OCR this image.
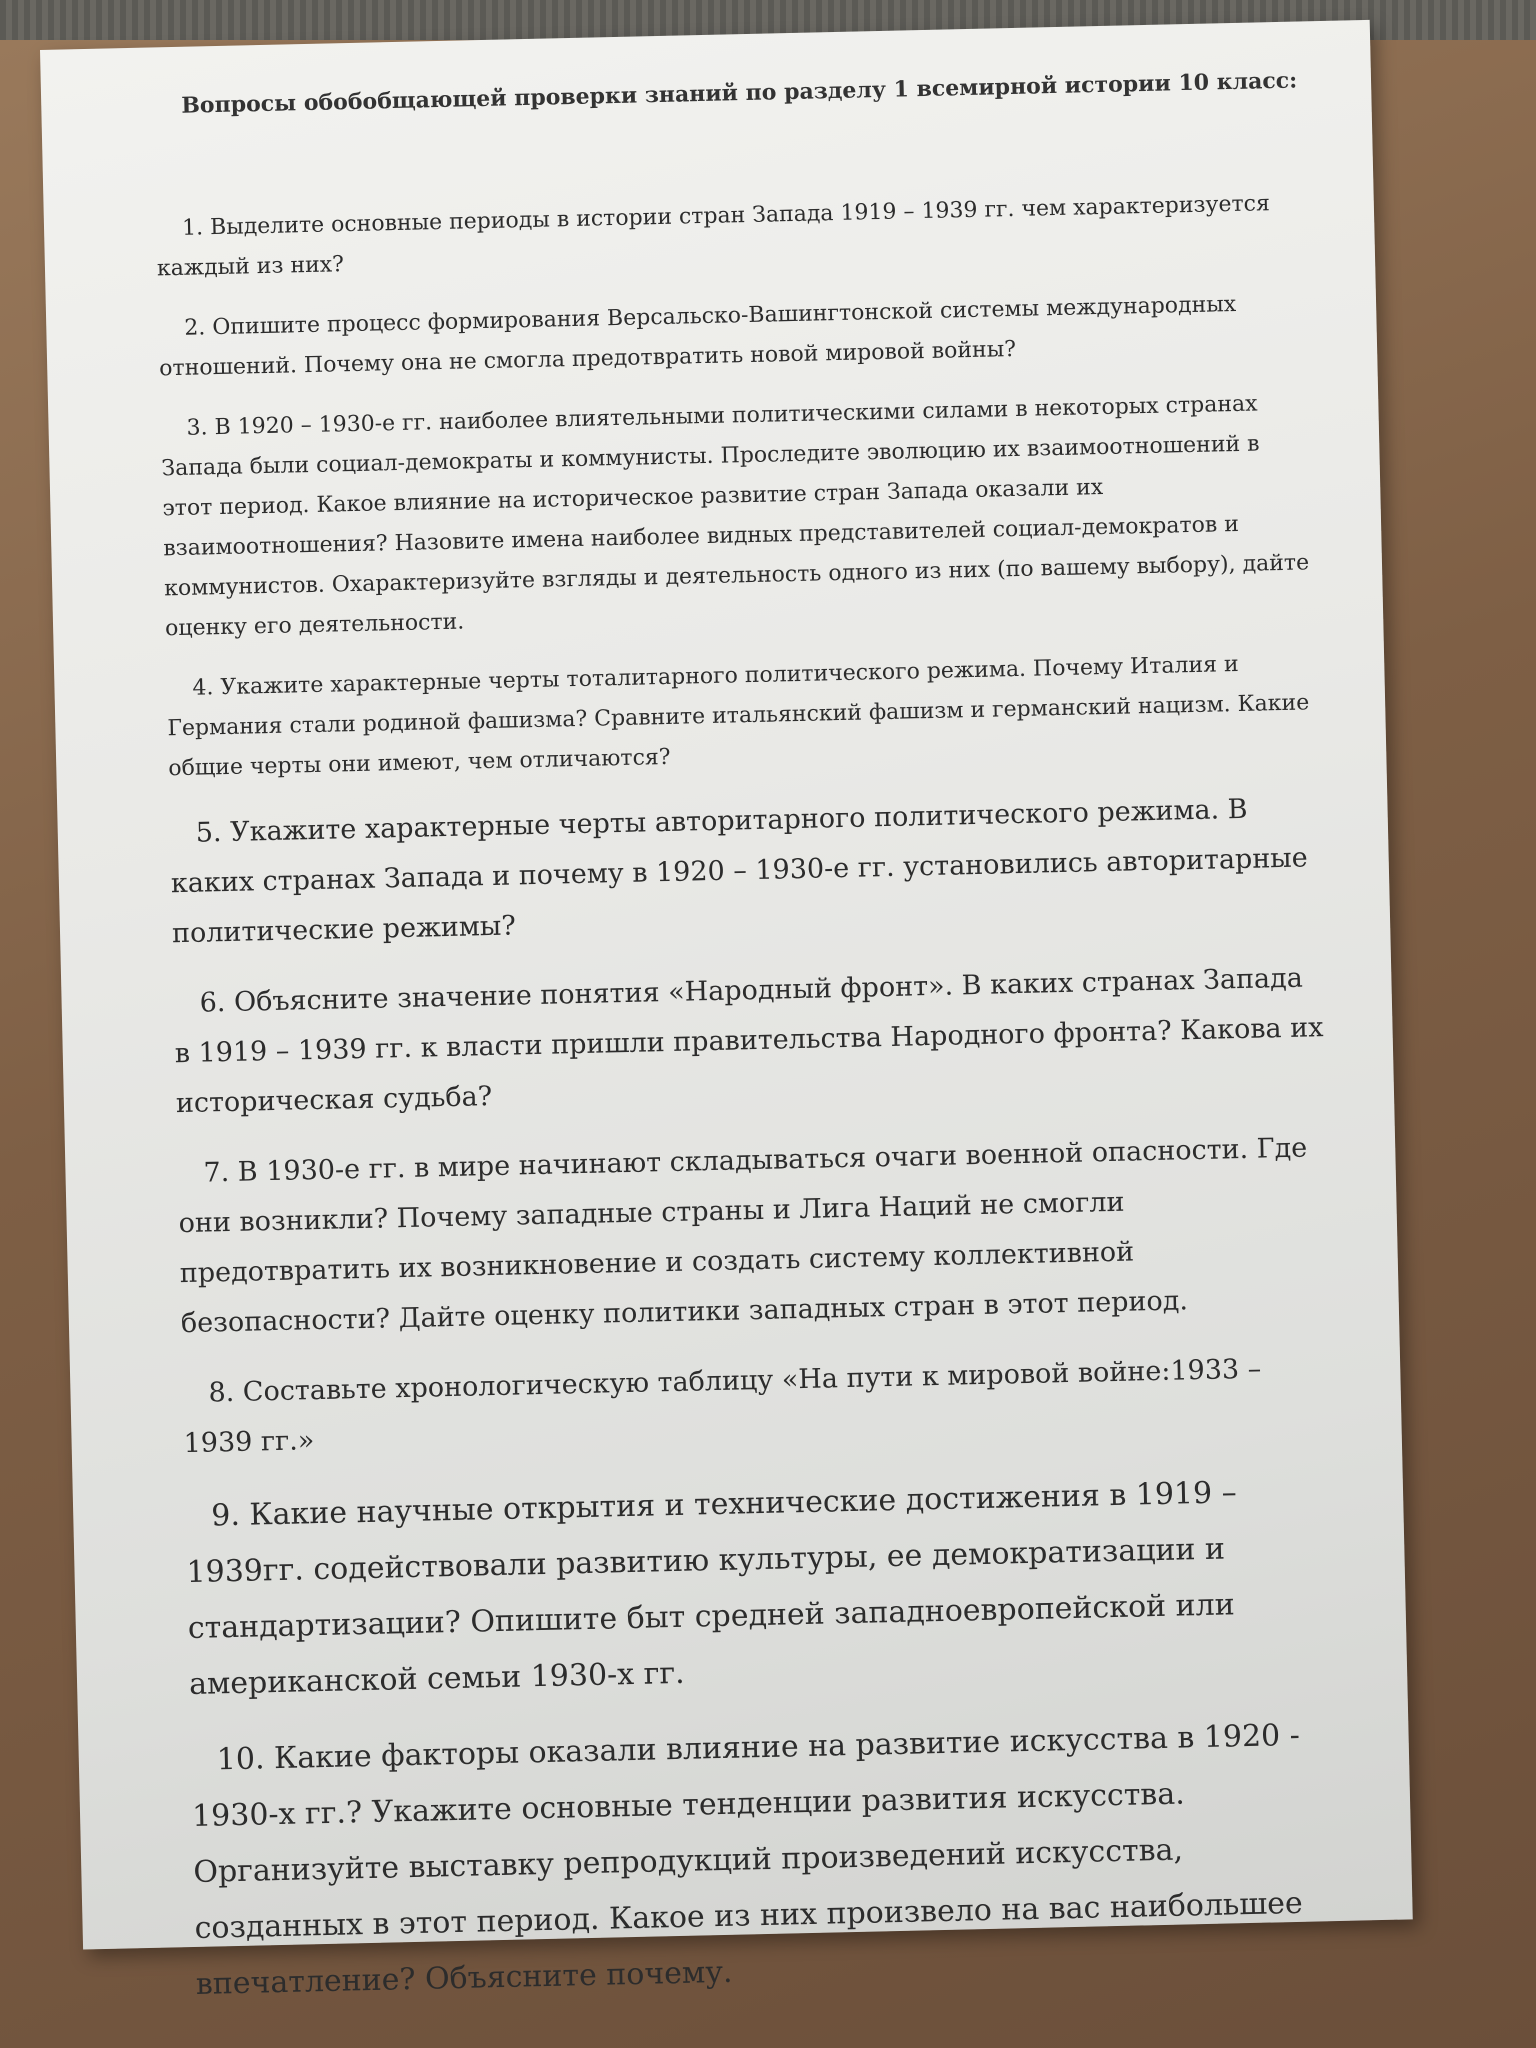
Вопросы обобобщающей проверки знаний по разделу 1 всемирной истории 10 класс:

1. Выделите основные периоды в истории стран Запада 1919 – 1939 гг. чем характеризуется каждый из них?

2. Опишите процесс формирования Версальско-Вашингтонской системы международных отношений. Почему она не смогла предотвратить новой мировой войны?

3. В 1920 – 1930-е гг. наиболее влиятельными политическими силами в некоторых странах Запада были социал-демократы и коммунисты. Проследите эволюцию их взаимоотношений в этот период. Какое влияние на историческое развитие стран Запада оказали их взаимоотношения? Назовите имена наиболее видных представителей социал-демократов и коммунистов. Охарактеризуйте взгляды и деятельность одного из них (по вашему выбору), дайте оценку его деятельности.

4. Укажите характерные черты тоталитарного политического режима. Почему Италия и Германия стали родиной фашизма? Сравните итальянский фашизм и германский нацизм. Какие общие черты они имеют, чем отличаются?

5. Укажите характерные черты авторитарного политического режима. В каких странах Запада и почему в 1920 – 1930-е гг. установились авторитарные политические режимы?

6. Объясните значение понятия «Народный фронт». В каких странах Запада в 1919 – 1939 гг. к власти пришли правительства Народного фронта? Какова их историческая судьба?

7. В 1930-е гг. в мире начинают складываться очаги военной опасности. Где они возникли? Почему западные страны и Лига Наций не смогли предотвратить их возникновение и создать систему коллективной безопасности? Дайте оценку политики западных стран в этот период.

8. Составьте хронологическую таблицу «На пути к мировой войне:1933 – 1939 гг.»

9. Какие научные открытия и технические достижения в 1919 – 1939гг. содействовали развитию культуры, ее демократизации и стандартизации? Опишите быт средней западноевропейской или американской семьи 1930-х гг.

10. Какие факторы оказали влияние на развитие искусства в 1920 - 1930-х гг.? Укажите основные тенденции развития искусства. Организуйте выставку репродукций произведений искусства, созданных в этот период. Какое из них произвело на вас наибольшее впечатление? Объясните почему.
